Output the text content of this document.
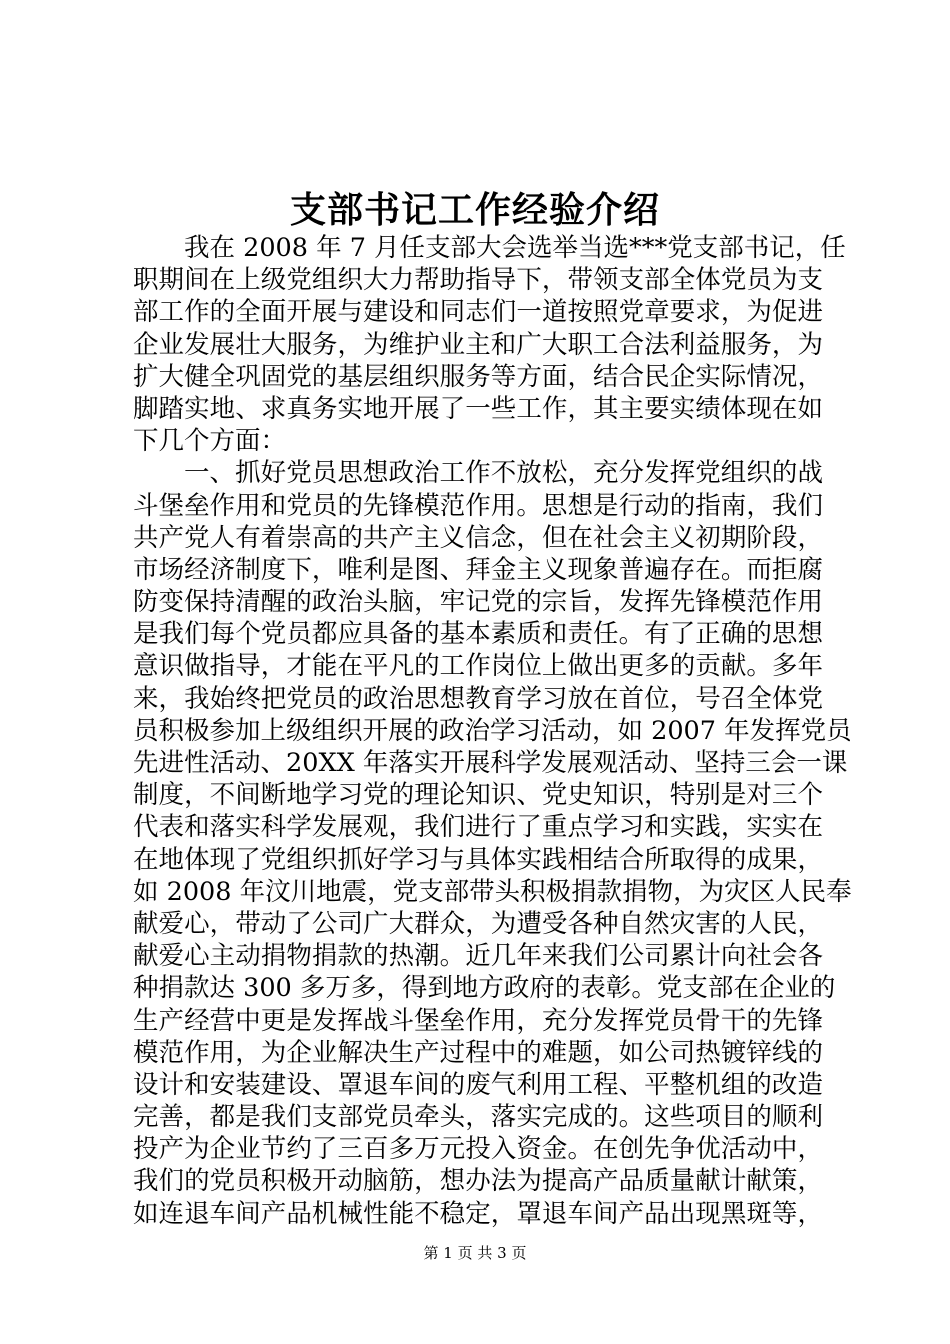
支部书记工作经验介绍
我在 2008 年 7 月任支部大会选举当选***党支部书记，任
职期间在上级党组织大力帮助指导下，带领支部全体党员为支
部工作的全面开展与建设和同志们一道按照党章要求，为促进
企业发展壮大服务，为维护业主和广大职工合法利益服务，为
扩大健全巩固党的基层组织服务等方面，结合民企实际情况，
脚踏实地、求真务实地开展了一些工作，其主要实绩体现在如
下几个方面：
一、抓好党员思想政治工作不放松，充分发挥党组织的战
斗堡垒作用和党员的先锋模范作用。思想是行动的指南，我们
共产党人有着崇高的共产主义信念，但在社会主义初期阶段，
市场经济制度下，唯利是图、拜金主义现象普遍存在。而拒腐
防变保持清醒的政治头脑，牢记党的宗旨，发挥先锋模范作用
是我们每个党员都应具备的基本素质和责任。有了正确的思想
意识做指导，才能在平凡的工作岗位上做出更多的贡献。多年
来，我始终把党员的政治思想教育学习放在首位，号召全体党
员积极参加上级组织开展的政治学习活动，如 2007 年发挥党员
先进性活动、20XX 年落实开展科学发展观活动、坚持三会一课
制度，不间断地学习党的理论知识、党史知识，特别是对三个
代表和落实科学发展观，我们进行了重点学习和实践，实实在
在地体现了党组织抓好学习与具体实践相结合所取得的成果，
如 2008 年汶川地震，党支部带头积极捐款捐物，为灾区人民奉
献爱心，带动了公司广大群众，为遭受各种自然灾害的人民，
献爱心主动捐物捐款的热潮。近几年来我们公司累计向社会各
种捐款达 300 多万多，得到地方政府的表彰。党支部在企业的
生产经营中更是发挥战斗堡垒作用，充分发挥党员骨干的先锋
模范作用，为企业解决生产过程中的难题，如公司热镀锌线的
设计和安装建设、罩退车间的废气利用工程、平整机组的改造
完善，都是我们支部党员牵头，落实完成的。这些项目的顺利
投产为企业节约了三百多万元投入资金。在创先争优活动中，
我们的党员积极开动脑筋，想办法为提高产品质量献计献策，
如连退车间产品机械性能不稳定，罩退车间产品出现黑斑等，
第 1 页 共 3 页
